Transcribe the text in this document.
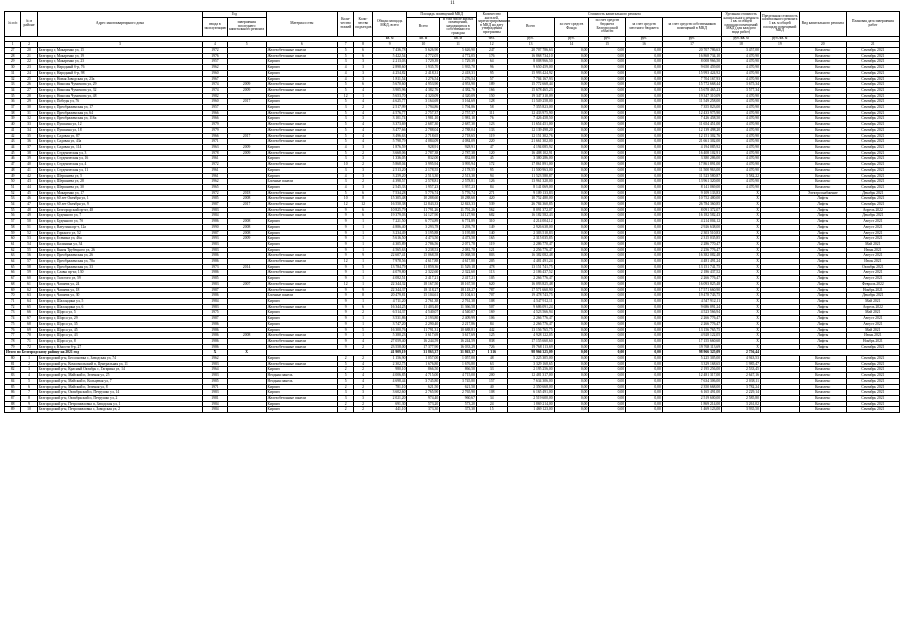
11
№ п/п	№ в районе	Адрес многоквартирного дома	Год		Материал стен	Коли-чество этажей	Коли-чество подъездов	Общая площадь МКД, всего	Площадь помещений МКД		Количество жителей, зарегистрированных в МКД на дату утверждения программы	Стоимость капитального ремонта					Удельная стоимость капитального ремонта 1 кв. м общей площади помещений МКД (для каждого вида работ)	Предельная стоимость капитального ремонта 1 кв. м общей площади помещений МКД	Вид капитального ремонта	Плановая дата завершения работ
			ввода в эксплуатацию	завершения последнего капитального ремонта					Всего	В том числе жилых помещений, находящихся в собственности граждан		Всего	за счет средств Фонда	за счет средств бюджета Белгородской области	за счет средств местного бюджета	за счет средств собственников помещений в МКД				
								кв. м	кв. м	кв. м	чел.	руб.	руб.	руб.	руб.	руб.	руб./кв. м	руб./кв. м		
1	2	3	4	5	6	7	8	9	10	11	12	13	14	15	16	17	18	19	20	21
27	20	Белгород г, Макаренко ул, 15	1972		Железобетонные панели	5	6	7 436,78	5 626,90	5 626,90	247	20 707 786,63	0,00	0,00	0,00	20 707 786,63	3 457,00		Комплекс	Сентябрь 2021
28	21	Белгород г, Макаренко ул, 19	1976		Железобетонные панели	5	6	5 422,54	4 772,05	4 772,05	176	16 868 734,10	0,00	0,00	0,00	16 868 734,10	4 470,90		Комплекс	Сентябрь 2021
29	22	Белгород г, Макаренко ул, 23	1957		Кирпич	3	3	2 213,03	1 729,39	1 729,39	64	8 008 966,50	0,00	0,00	0,00	8 008 966,50	4 470,90		Комплекс	Сентябрь 2021
30	23	Белгород г, Народный б-р, 76	1962		Кирпич	4	3	2 898,60	1 935,70	1 935,70	96	9 650 459,00	0,00	0,00	0,00	9 650 459,00	4 470,90		Комплекс	Сентябрь 2021
31	24	Белгород г, Народный б-р, 98	1960		Кирпич	4	3	4 254,82	2 418,31	2 418,31	95	15 993 424,92	0,00	0,00	0,00	15 993 424,92	4 470,90		Комплекс	Сентябрь 2021
32	25	Белгород г, Новая Заводская ул, 23а	1967		Кирпич	4	3	1 811,54	1 276,54	1 276,54	57	7 704 167,93	0,00	0,00	0,00	7 704 167,93	4 470,90		Комплекс	Сентябрь 2021
33	26	Белгород г, Николая Чумичова ул, 29	1974	2009	Железобетонные панели	5	6	5 670,60	4 953,90	4 953,90	189	15 772 668,44	0,00	0,00	0,00	15 772 668,44	3 675,34		Комплекс	Сентябрь 2021
34	27	Белгород г, Николая Чумичова ул, 32	1974	2009	Железобетонные панели	5	4	3 905,96	4 382,76	4 382,76	166	15 678 465,23	0,00	0,00	0,00	15 678 465,23	3 577,34		Комплекс	Сентябрь 2021
35	28	Белгород г, Николая Чумичова ул, 48	1982		Кирпич	12	1	5 653,70	4 320,09	4 320,09	150	19 347 310,09	0,00	0,00	0,00	19 347 310,09	4 470,90		Комплекс	Сентябрь 2021
36	29	Белгород г, Победы ул, 76	1960	2017	Кирпич	5	4	4 625,77	3 164,69	3 164,69	128	11 549 258,00	0,00	0,00	0,00	11 549 258,00	4 470,90		Комплекс	Сентябрь 2021
37	30	Белгород г, Преображенская ул, 17	1957		Кирпич	3	2	2 517,99	1 794,86	1 794,86	58	7 355 823,00	0,00	0,00	0,00	7 355 823,00	4 470,90		Комплекс	Сентябрь 2021
38	31	Белгород г, Преображенская ул, 64	1966		Железобетонные панели	5	4	4 576,77	2 757,37	2 757,37	111	12 433 975,90	0,00	0,00	0,00	12 433 975,90	4 470,90		Комплекс	Сентябрь 2021
39	32	Белгород г, Преображенская ул, 116а	1966		Кирпич	3	3	3 101,74	1 981,10	1 981,10	76	7 426 458,50	0,00	0,00	0,00	7 426 458,50	4 470,90		Комплекс	Сентябрь 2021
40	33	Белгород г, Пушкина ул, 12	1979		Железобетонные панели	5	4	3 373,69	2 687,30	2 687,30	123	11 654 451,00	0,00	0,00	0,00	11 654 451,00	4 470,90		Комплекс	Сентябрь 2021
41	34	Белгород г, Пушкина ул, 18	1979		Железобетонные панели	5	4	3 477,66	2 788,04	2 788,04	133	12 139 498,20	0,00	0,00	0,00	12 139 498,20	4 470,90		Комплекс	Сентябрь 2021
42	35	Белгород г, Садовая ул, 87	1966	2017	Железобетонные панели	5	4	3 496,63	2 718,65	2 718,65	119	12 151 302,76	0,00	0,00	0,00	12 151 302,76	4 470,90		Комплекс	Сентябрь 2021
43	36	Белгород г, Садовая ул, 43а	1971		Железобетонные панели	5	4	5 798,79	4 084,09	4 084,09	220	21 661 302,00	0,00	0,00	0,00	21 661 302,00	4 470,90		Комплекс	Сентябрь 2021
44	37	Белгород г, Садовая ул, 114	1963	2009	Кирпич	4	3	1 876,59	928,91	928,91	47	4 194 085,92	0,00	0,00	0,00	4 194 085,92	4 470,90		Комплекс	Сентябрь 2021
45	38	Белгород г, Студенческая ул, 3	1978	2009	Железобетонные панели	5	2	3 668,06	2 787,38	2 787,38	120	16 408 102,91	0,00	0,00	0,00	16 408 102,91	4 470,90		Комплекс	Сентябрь 2021
46	39	Белгород г, Студенческая ул, 16	1961		Кирпич	3	3	1 336,05	832,00	832,00	45	3 380 286,00	0,00	0,00	0,00	3 380 286,00	4 470,90		Комплекс	Сентябрь 2021
47	40	Белгород г, Студенческая ул, 4	1972		Железобетонные панели	10	2	5 868,04	3 995,94	3 995,94	172	17 861 891,00	0,00	0,00	0,00	17 861 891,00	4 470,90		Комплекс	Сентябрь 2021
48	41	Белгород г, Студенческая ул, 11	1961		Кирпич	3	3	2 513,20	2 178,55	2 178,55	95	11 500 963,00	0,00	0,00	0,00	11 500 963,00	4 470,90		Комплекс	Сентябрь 2021
49	42	Белгород г, Шершнева ул, 5	1961		Кирпич	4	3	3 259,20	2 513,30	2 513,30	94	11 523 580,87	0,00	0,00	0,00	11 523 580,87	3 582,22		Комплекс	Сентябрь 2021
50	43	Белгород г, Шершнева ул, 28	1962		Блочные панели	3	2	4 398,57	2 578,81	2 578,81	126	13 961 320,00	0,00	0,00	0,00	13 961 320,00	4 470,90		Комплекс	Сентябрь 2021
51	44	Белгород г, Шершнева ул, 30	1965		Кирпич	4	3	2 545,33	1 957,23	1 957,23	84	8 141 069,00	0,00	0,00	0,00	8 141 069,00	4 470,90		Комплекс	Сентябрь 2021
52	45	Белгород г, Макаренко ул, 17	1972	2018	Железобетонные панели	5	6	7 534,28	5 776,74	5 776,74	271	9 109 133,83	0,00	0,00	0,00	9 109 133,83	Х		Электроснабжение	Декабрь 2021
53	46	Белгород г, 60 лет Октября ул, 1	1985	2008	Железобетонные панели	10	8	15 305,48	10 288,60	10 288,60	420	10 752 480,00	0,00	0,00	0,00	10 752 480,00	Х		Лифты	Сентябрь 2021
54	47	Белгород г, 60 лет Октября ул, 9	1987	2017	Железобетонные панели	12	12	16 550,38	12 843,33	12 843,33	539	26 784 360,85	0,00	0,00	0,00	26 784 360,85	Х		Лифты	Сентябрь 2021
55	48	Белгород г, Белгородский пр-кт, 48	1983		Железобетонные панели	9	6	10 825,79	11 791,26	11 791,26	562	8 091 372,07	0,00	0,00	0,00	8 091 372,07	Х		Лифты	Апрель 2022
56	49	Белгород г, Буденного ул, 7	1984		Железобетонные панели	9	6	19 379,03	14 127,90	14 127,90	682	16 182 582,43	0,00	0,00	0,00	16 182 582,43	Х		Лифты	Декабрь 2021
57	50	Белгород г, Буденного ул, 7б	1986	2008	Кирпич	9	1	7 221,50	6 774,89	6 774,89	310	4 214 004,12	0,00	0,00	0,00	4 214 004,12	Х		Лифты	Август 2021
58	51	Белгород г, Ватутина пр-т, 12а	1990	2008	Кирпич	9	1	4 886,40	3 293,78	3 293,78	149	2 926 638,00	0,00	0,00	0,00	2 926 638,00	Х		Лифты	Август 2021
59	52	Белгород г, Горького ул, 52	1987	2008	Кирпич	9	1	3 234,49	3 195,88	3 195,88	140	2 303 510,83	0,00	0,00	0,00	2 303 510,83	Х		Лифты	Август 2021
60	53	Белгород г, Есенина ул, 46а	1993	2009	Кирпич	9	1	5 616,50	4 473,50	4 473,50	165	2 315 035,85	0,00	0,00	0,00	2 315 035,85	Х		Лифты	Август 2021
61	54	Белгород г, Калинина ул, 34	1983		Кирпич	9	1	4 305,89	2 786,56	2 071,78	119	2 286 770,47	0,00	0,00	0,00	2 286 770,47	Х		Лифты	Май 2021
62	55	Белгород г, Князя Трубецкого ул, 26	1983		Кирпич	9	1	4 565,63	3 238,53	2 081,78	121	2 256 776,47	0,00	0,00	0,00	2 256 776,47	Х		Лифты	Июнь 2021
63	56	Белгород г, Преображенская ул, 26	1986		Железобетонные панели	9	9	22 607,41	15 068,58	15 068,58	803	16 382 082,48	0,00	0,00	0,00	16 382 082,48	Х		Лифты	Август 2021
64	57	Белгород г, Преображенская ул, 78а	1986		Железобетонные панели	12	1	7 978,56	4 617,88	4 617,88	205	4 481 491,24	0,00	0,00	0,00	4 481 491,24	Х		Лифты	Июль 2021
65	58	Белгород г, Преображенская ул, 33	1973	2014	Кирпич	9	5	13 784,79	11 859,36	11 529,18	478	13 151 741,75	0,00	0,00	0,00	13 151 741,75	Х		Лифты	Октябрь 2021
66	59	Белгород г, Славы пр-кт, 130	1986		Железобетонные панели	9	1	4 079,80	2 322,60	2 322,60	113	2 186 437,52	0,00	0,00	0,00	2 186 437,52	Х		Лифты	Август 2021
67	60	Белгород г, Толстого ул, 59	1985		Кирпич	9	1	4 082,51	2 417,21	2 417,21	105	2 266 776,47	0,00	0,00	0,00	2 266 776,47	Х		Лифты	Август 2021
68	61	Белгород г, Чапаева ул, 24	1983	2007	Железобетонные панели	12	1	22 344,32	18 167,50	18 167,50	620	16 093 825,48	0,00	0,00	0,00	16 093 825,48	Х		Лифты	Февраль 2022
69	62	Белгород г, Чапаева ул, 18	1987		Железобетонные панели	9	9	22 344,37	18 118,27	18 118,27	787	17 571 660,90	0,00	0,00	0,00	17 571 660,90	Х		Лифты	Ноябрь 2021
70	63	Белгород г, Чапаева ул, 30	1986		Блочные панели	9	8	20 479,81	15 104,61	15 104,61	707	19 478 743,75	0,00	0,00	0,00	19 478 743,75	Х		Лифты	Декабрь 2021
71	64	Белгород г, Шаландина ул, 5	1984		Кирпич	9	1	4 711,20	2 761,38	2 761,38	108	4 547 912,11	0,00	0,00	0,00	4 547 912,11	Х		Лифты	Май 2021
72	65	Белгород г, Шаландина ул, 6	1983		Железобетонные панели	9	6	16 344,25	11 403,40	11 366,58	507	9 686 091,24	0,00	0,00	0,00	9 686 091,24	Х		Лифты	Апрель 2022
73	66	Белгород г, Щорса ул, 5	1975		Кирпич	9	2	6 514,37	4 540,07	4 540,07	169	4 523 566,94	0,00	0,00	0,00	4 523 566,94	Х		Лифты	Май 2021
74	67	Белгород г, Шорса ул, 29	1987		Кирпич	9	1	3 531,86	2 193,80	2 409,99	106	2 266 776,47	0,00	0,00	0,00	2 266 776,47	Х		Лифты	Август 2021
75	68	Белгород г, Щорса ул, 35	1986		Кирпич	9	1	3 747,20	2 290,40	2 217,86	84	2 266 776,47	0,00	0,00	0,00	2 266 776,47	Х		Лифты	Август 2021
76	69	Белгород г, Щорса ул, 45	1986		Кирпич	9	5	16 300,76	11 791,31	10 688,81	442	13 156 765,75	0,00	0,00	0,00	13 156 765,75	Х		Лифты	Май 2021
77	70	Белгород г, Щорса ул, 43	1986	2008	Железобетонные панели	9	1	5 380,23	3 617,69	3 617,69	125	4 928 122,05	0,00	0,00	0,00	4 928 122,05	Х		Лифты	Июнь 2021
78	71	Белгород г, Щорса ул, 8	1986		Железобетонные панели	9	4	27 059,40	16 244,59	16 244,59	838	17 155 660,60	0,00	0,00	0,00	17 155 660,60	Х		Лифты	Ноябрь 2021
79	72	Белгород г, Юности б-р, 27	1986		Железобетонные панели	9	2	23 558,00	17 377,90	16 033,29	726	19 768 113,69	0,00	0,00	0,00	19 768 113,69	Х		Лифты	Сентябрь 2021
Итого по Белгородскому району на 2021 год			Х	Х				41 909,19	31 863,37	31 863,37	1 316	98 966 325,09	0,00	0,00	0,00	98 966 325,09	2 756,44			
80	1	Белгородский р-н, Бессоновка с, Заводская ул, 74	1962		Кирпич	2	2	1 156,90	1 057,00	1 057,00	48	5 225 305,00	0,00	0,00	0,00	5 225 305,00	4 943,53		Комплекс	Сентябрь 2021
81	2	Белгородский р-н, Комсомольский п, Центральная ул, 11	1983		Железобетонные панели	5	4	2 302,75	1 676,80	1 676,80	63	3 329 168,65	0,00	0,00	0,00	3 329 168,65	1 985,47		Комплекс	Сентябрь 2021
82	3	Белгородский р-н, Красный Октябрь с, Гагарина ул, 14	1964		Кирпич	2	2	980,10	866,50	866,50	33	2 195 256,00	0,00	0,00	0,00	2 195 256,00	2 533,45		Комплекс	Сентябрь 2021
83	4	Белгородский р-н, Майский п, Зеленая ул, 25	1983		Неодная панель	5	4	4 006,85	4 715,00	4 715,00	200	12 481 317,00	0,00	0,00	0,00	12 481 317,00	2 647,16		Комплекс	Сентябрь 2021
84	5	Белгородский р-н, Майский п, Кольцевая ул, 7	1985		Неодная панель	5	4	4 698,44	3 745,80	3 745,80	157	7 634 306,00	0,00	0,00	0,00	7 634 306,00	2 038,11		Комплекс	Сентябрь 2021
85	6	Белгородский р-н, Майский п, Зеленая ул, 8	1971		Кирпич	2	2	781,10	621,50	621,50	40	2 350 668,00	0,00	0,00	0,00	2 350 668,00	3 782,24		Комплекс	Сентябрь 2021
86	7	Белгородский р-н, Октябрьский п, Петрушко ул, 14	1983		Кирпич	3	3	3 602,60	2 765,90	2 765,90	108	6 165 491,00	0,00	0,00	0,00	6 165 491,00	2 229,14		Комплекс	Сентябрь 2021
87	8	Белгородский р-н, Октябрьский п, Петрушко ул, 2	1981		Железобетонные панели	3	3	2 021,20	974,40	960,67	34	2 519 600,00	0,00	0,00	0,00	2 519 600,00	2 585,80		Комплекс	Сентябрь 2021
88	9	Белгородский р-н, Петропавловка п, Заводская ул, 1	1984		Кирпич	2	2	691,30	573,20	573,20	24	1 869 214,00	0,00	0,00	0,00	1 869 214,00	3 261,02		Комплекс	Сентябрь 2021
89	10	Белгородский р-н, Петропавловка с, Заводская ул, 2	1984		Кирпич	2	2	441,10	373,30	373,30	15	1 469 123,00	0,00	0,00	0,00	1 469 123,00	3 935,50		Комплекс	Сентябрь 2021
